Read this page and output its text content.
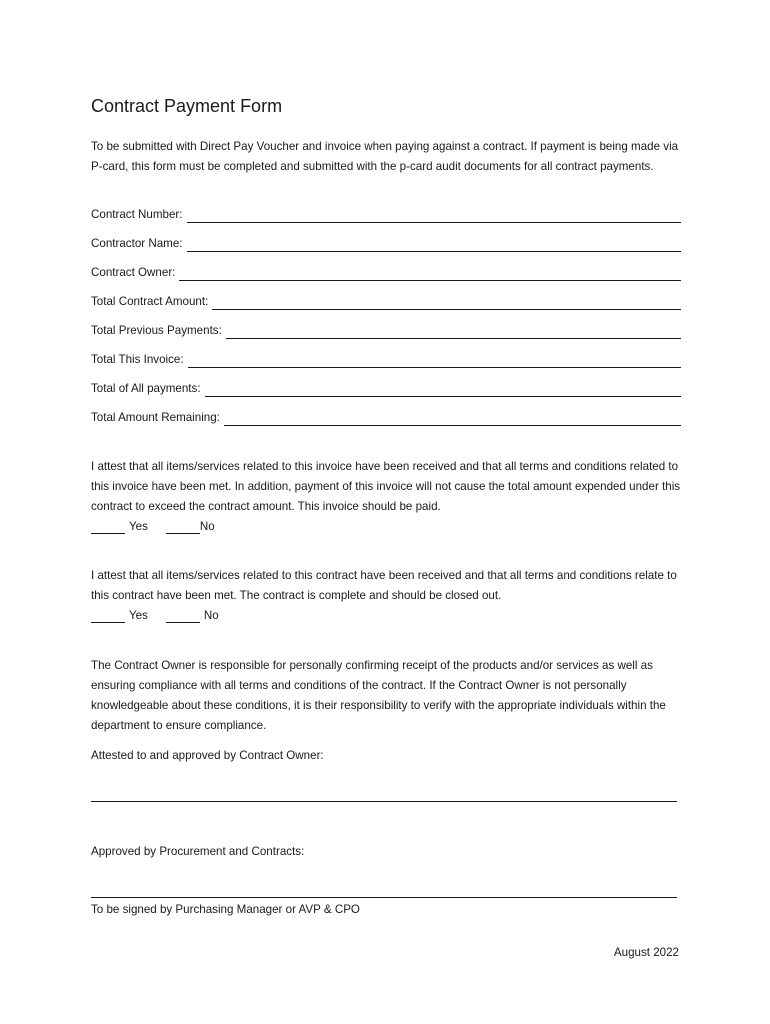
Contract Payment Form
To be submitted with Direct Pay Voucher and invoice when paying against a contract. If payment is being made via P-card, this form must be completed and submitted with the p-card audit documents for all contract payments.
Contract Number:
Contractor Name:
Contract Owner:
Total Contract Amount:
Total Previous Payments:
Total This Invoice:
Total of All payments:
Total Amount Remaining:
I attest that all items/services related to this invoice have been received and that all terms and conditions related to this invoice have been met. In addition, payment of this invoice will not cause the total amount expended under this contract to exceed the contract amount. This invoice should be paid.
Yes	No
I attest that all items/services related to this contract have been received and that all terms and conditions relate to this contract have been met. The contract is complete and should be closed out.
Yes	No
The Contract Owner is responsible for personally confirming receipt of the products and/or services as well as ensuring compliance with all terms and conditions of the contract. If the Contract Owner is not personally knowledgeable about these conditions, it is their responsibility to verify with the appropriate individuals within the department to ensure compliance.
Attested to and approved by Contract Owner:
Approved by Procurement and Contracts:
To be signed by Purchasing Manager or AVP & CPO
August 2022
